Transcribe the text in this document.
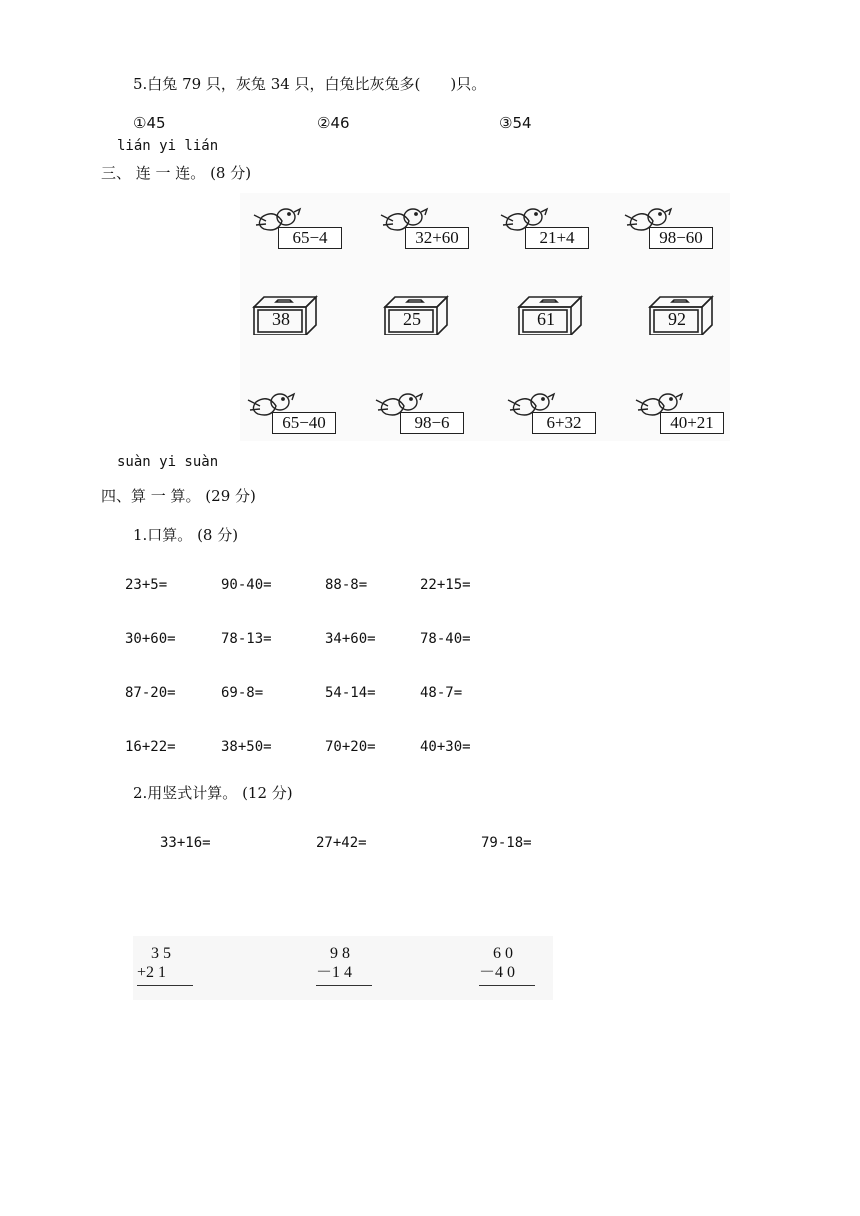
5.白兔 79 只，灰兔 34 只，白兔比灰兔多(　　)只。
①45	②46	③54
lián yi lián
三、 连 一 连。 (8 分)
65−4	32+60	21+4	98−60
38	25	61	92
65−40	98−6	6+32	40+21
suàn yi suàn
四、算 一 算。 (29 分)
1.口算。 (8 分)
23+5=	90-40=	88-8=	22+15=
30+60=	78-13=	34+60=	78-40=
87-20=	69-8=	54-14=	48-7=
16+22=	38+50=	70+20=	40+30=
2.用竖式计算。 (12 分)
33+16=	27+42=	79-18=
3 5
+2 1
9 8
－1 4
6 0
－4 0
